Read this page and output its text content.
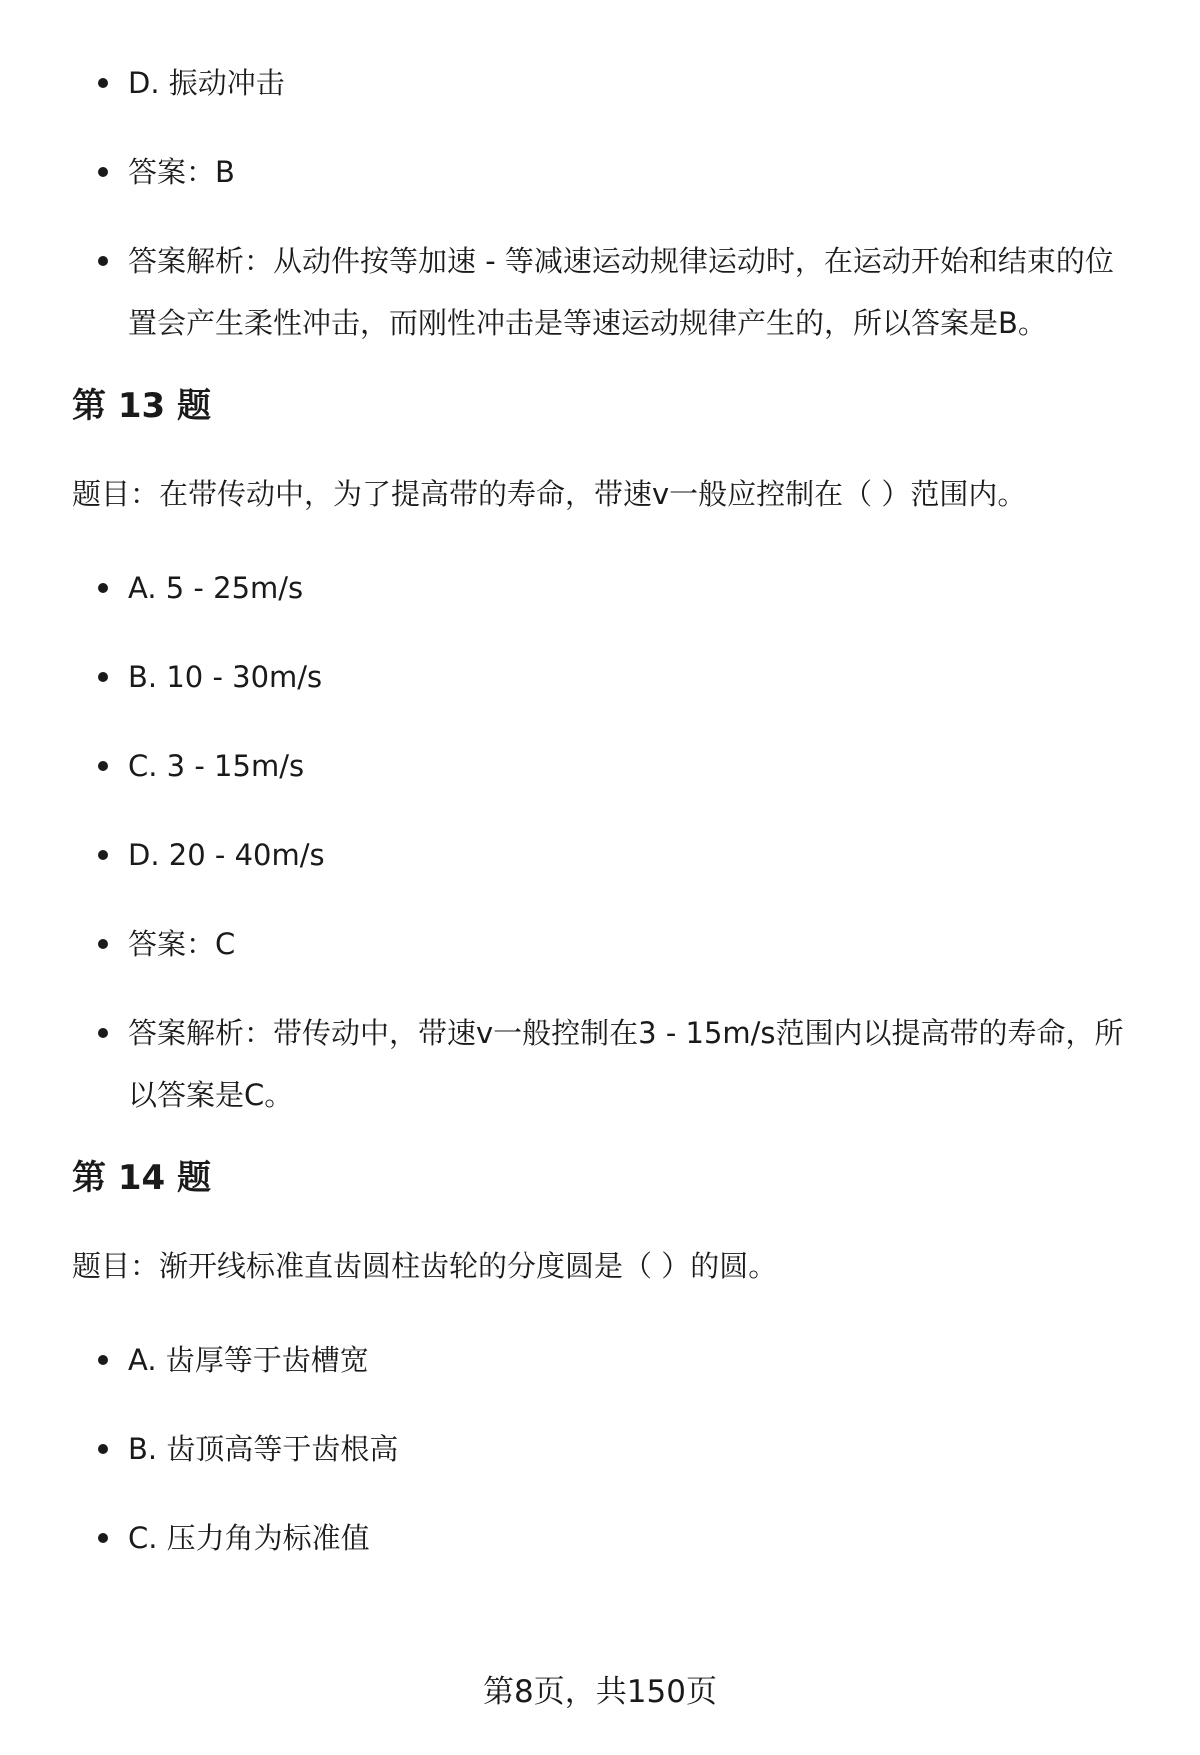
D. 振动冲击
答案：B
答案解析：从动件按等加速 - 等减速运动规律运动时，在运动开始和结束的位置会产生柔性冲击，而刚性冲击是等速运动规律产生的，所以答案是B。
第 13 题

题目：在带传动中，为了提高带的寿命，带速v一般应控制在（ ）范围内。

A. 5 - 25m/s
B. 10 - 30m/s
C. 3 - 15m/s
D. 20 - 40m/s
答案：C
答案解析：带传动中，带速v一般控制在3 - 15m/s范围内以提高带的寿命，所以答案是C。
第 14 题

题目：渐开线标准直齿圆柱齿轮的分度圆是（ ）的圆。

A. 齿厚等于齿槽宽
B. 齿顶高等于齿根高
C. 压力角为标准值
第8页，共150页
